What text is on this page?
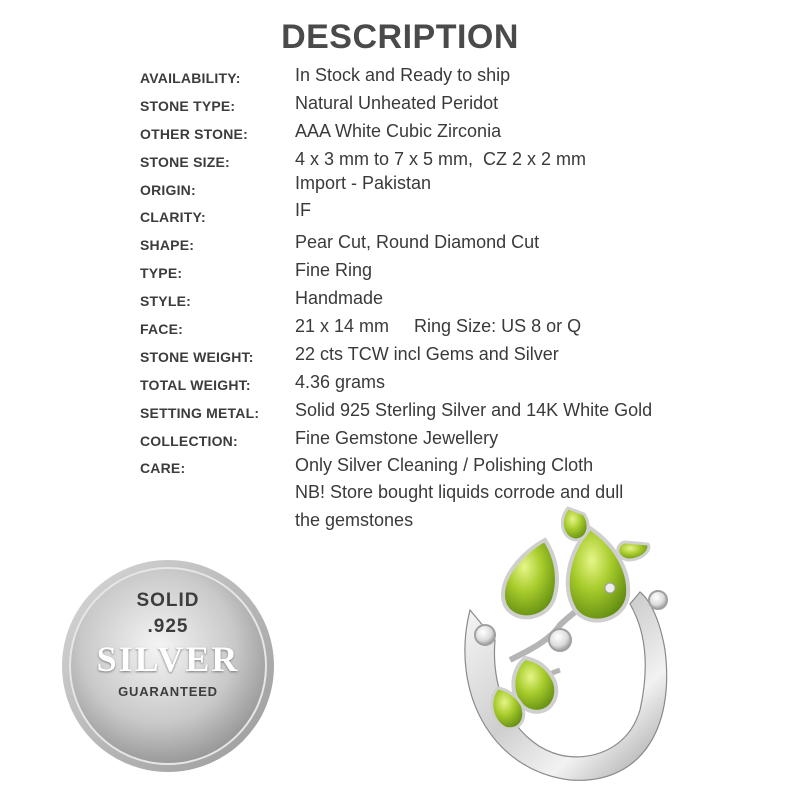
DESCRIPTION
AVAILABILITY:	In Stock and Ready to ship
STONE TYPE:	Natural Unheated Peridot
OTHER STONE:	AAA White Cubic Zirconia
STONE SIZE:	4 x 3 mm to 7 x 5 mm,  CZ 2 x 2 mm
ORIGIN:	Import - Pakistan
CLARITY:	IF
SHAPE:	Pear Cut, Round Diamond Cut
TYPE:	Fine Ring
STYLE:	Handmade
FACE:	21 x 14 mm     Ring Size: US 8 or Q
STONE WEIGHT: 22 cts TCW incl Gems and Silver
TOTAL WEIGHT: 4.36 grams
SETTING METAL: Solid 925 Sterling Silver and 14K White Gold
COLLECTION:	Fine Gemstone Jewellery
CARE:	Only Silver Cleaning / Polishing Cloth
NB! Store bought liquids corrode and dull
the gemstones
SOLID
.925
SILVER
GUARANTEED
